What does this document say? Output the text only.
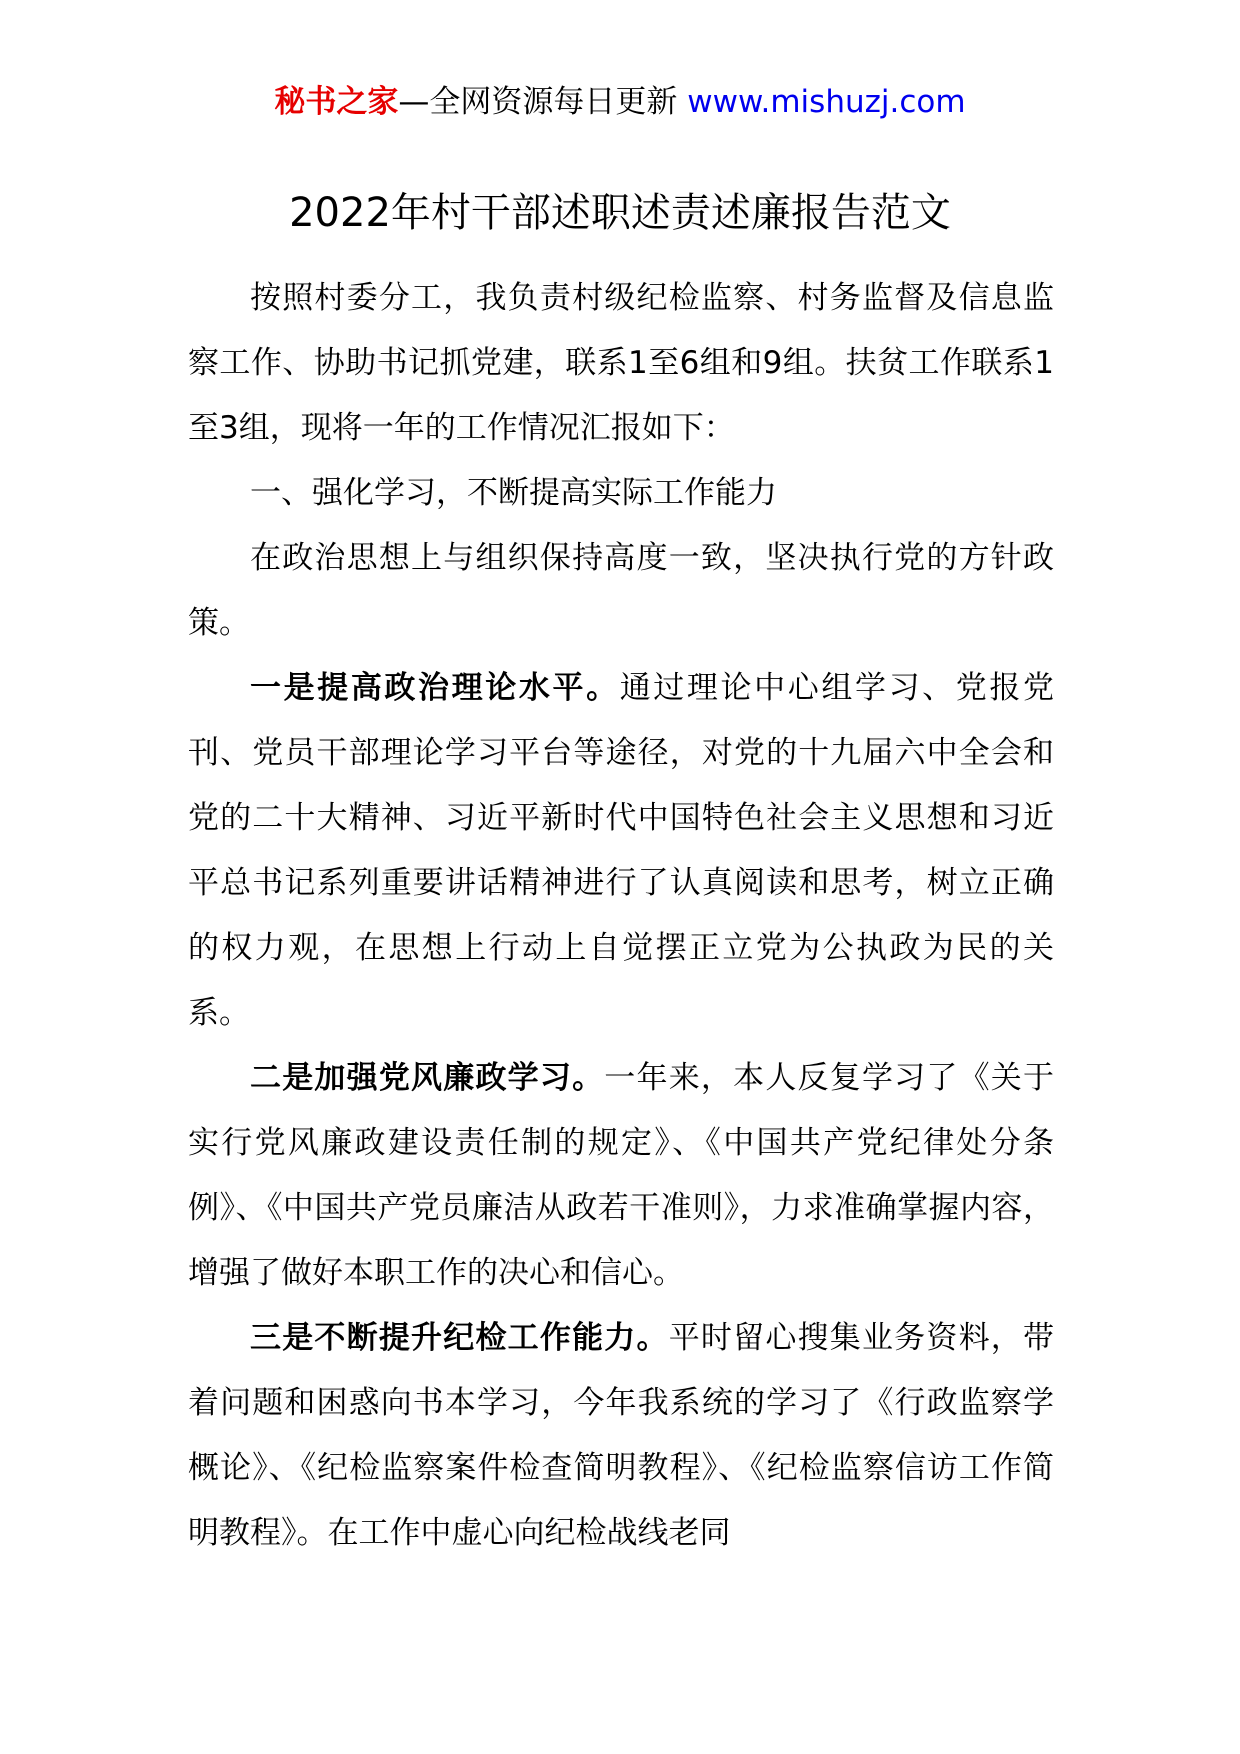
秘书之家—全网资源每日更新 www.mishuzj.com
2022年村干部述职述责述廉报告范文

按照村委分工，我负责村级纪检监察、村务监督及信息监察工作、协助书记抓党建，联系1至6组和9组。扶贫工作联系1至3组，现将一年的工作情况汇报如下：

一、强化学习，不断提高实际工作能力

在政治思想上与组织保持高度一致，坚决执行党的方针政策。

一是提高政治理论水平。通过理论中心组学习、党报党刊、党员干部理论学习平台等途径，对党的十九届六中全会和党的二十大精神、习近平新时代中国特色社会主义思想和习近平总书记系列重要讲话精神进行了认真阅读和思考，树立正确的权力观，在思想上行动上自觉摆正立党为公执政为民的关系。

二是加强党风廉政学习。一年来，本人反复学习了《关于实行党风廉政建设责任制的规定》、《中国共产党纪律处分条例》、《中国共产党员廉洁从政若干准则》，力求准确掌握内容，增强了做好本职工作的决心和信心。

三是不断提升纪检工作能力。平时留心搜集业务资料，带着问题和困惑向书本学习，今年我系统的学习了《行政监察学概论》、《纪检监察案件检查简明教程》、《纪检监察信访工作简明教程》。在工作中虚心向纪检战线老同
